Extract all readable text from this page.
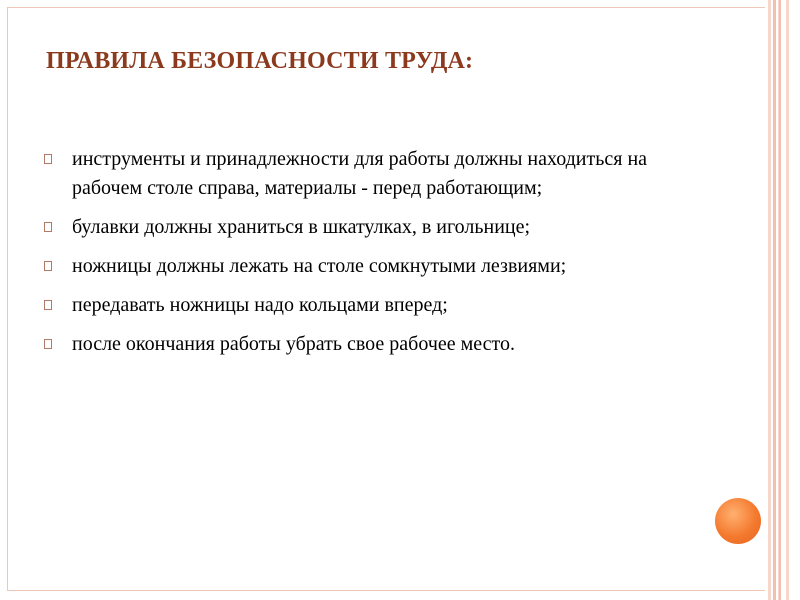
ПРАВИЛА БЕЗОПАСНОСТИ ТРУДА:
инструменты и принадлежности для работы должны находиться на рабочем столе справа, материалы - перед работающим;
булавки должны храниться в шкатулках, в игольнице;
ножницы должны лежать на столе сомкнутыми лезвиями;
передавать ножницы надо кольцами вперед;
после окончания работы убрать свое рабочее место.
